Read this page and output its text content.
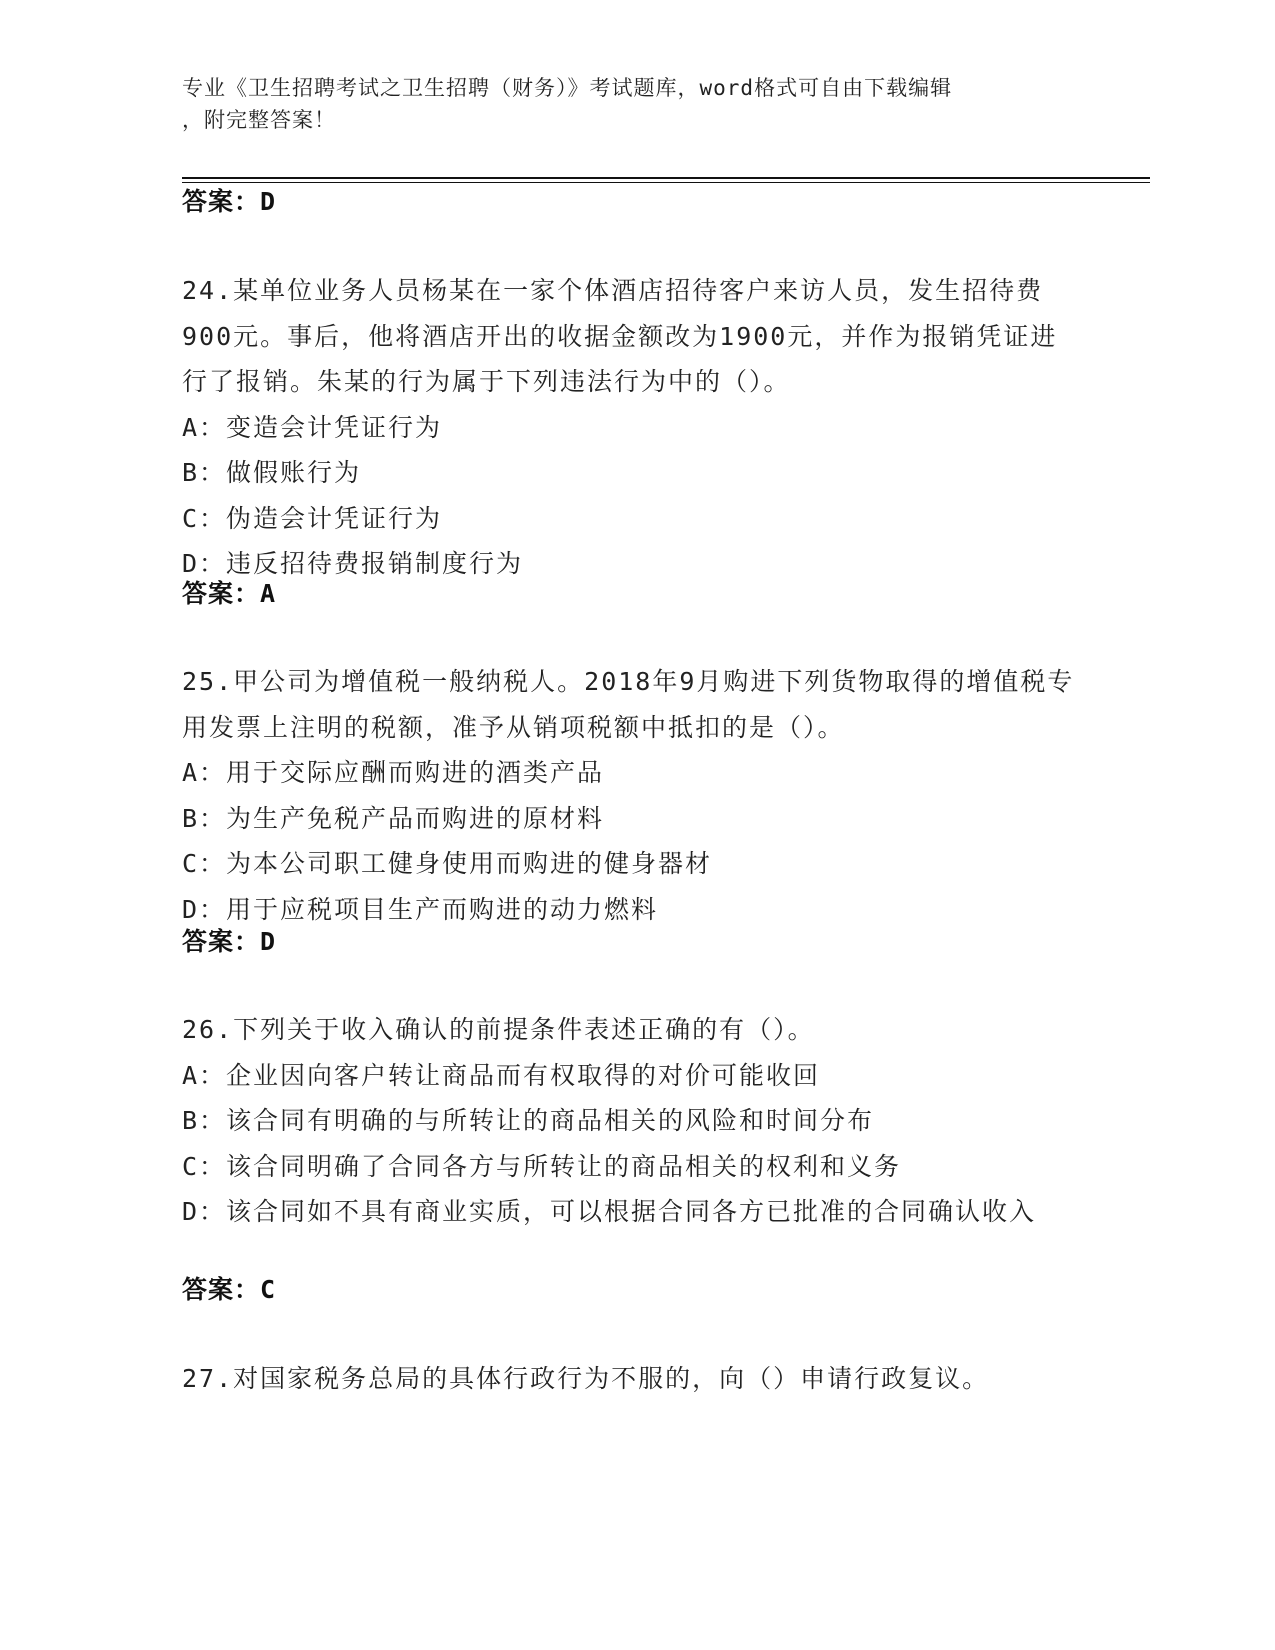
专业《卫生招聘考试之卫生招聘（财务）》考试题库，word格式可自由下载编辑
，附完整答案！
答案：D

24.某单位业务人员杨某在一家个体酒店招待客户来访人员，发生招待费900元。事后，他将酒店开出的收据金额改为1900元，并作为报销凭证进行了报销。朱某的行为属于下列违法行为中的（）。

A：变造会计凭证行为
B：做假账行为
C：伪造会计凭证行为
D：违反招待费报销制度行为
答案：A

25.甲公司为增值税一般纳税人。2018年9月购进下列货物取得的增值税专用发票上注明的税额，准予从销项税额中抵扣的是（）。

A：用于交际应酬而购进的酒类产品
B：为生产免税产品而购进的原材料
C：为本公司职工健身使用而购进的健身器材
D：用于应税项目生产而购进的动力燃料
答案：D

26.下列关于收入确认的前提条件表述正确的有（）。

A：企业因向客户转让商品而有权取得的对价可能收回
B：该合同有明确的与所转让的商品相关的风险和时间分布
C：该合同明确了合同各方与所转让的商品相关的权利和义务
D：该合同如不具有商业实质，可以根据合同各方已批准的合同确认收入
答案：C

27.对国家税务总局的具体行政行为不服的，向（）申请行政复议。
